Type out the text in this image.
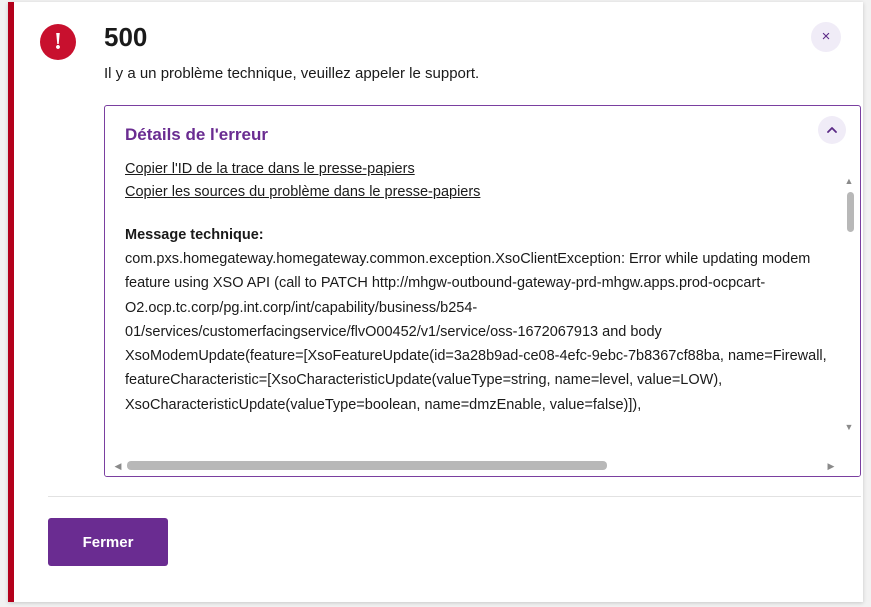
!	500
Il y a un problème technique, veuillez appeler le support.
×
Détails de l'erreur
Copier l'ID de la trace dans le presse-papiers
Copier les sources du problème dans le presse-papiers
Message technique:
com.pxs.homegateway.homegateway.common.exception.XsoClientException: Error while updating modem feature using XSO API (call to PATCH http://mhgw-outbound-gateway-prd-mhgw.apps.prod-ocpcart-O2.ocp.tc.corp/pg.int.corp/int/capability/business/b254-01/services/customerfacingservice/flvO00452/v1/service/oss-1672067913 and body XsoModemUpdate(feature=[XsoFeatureUpdate(id=3a28b9ad-ce08-4efc-9ebc-7b8367cf88ba, name=Firewall, featureCharacteristic=[XsoCharacteristicUpdate(valueType=string, name=level, value=LOW), XsoCharacteristicUpdate(valueType=boolean, name=dmzEnable, value=false)]),
▲
▼
◀	▶
Fermer
